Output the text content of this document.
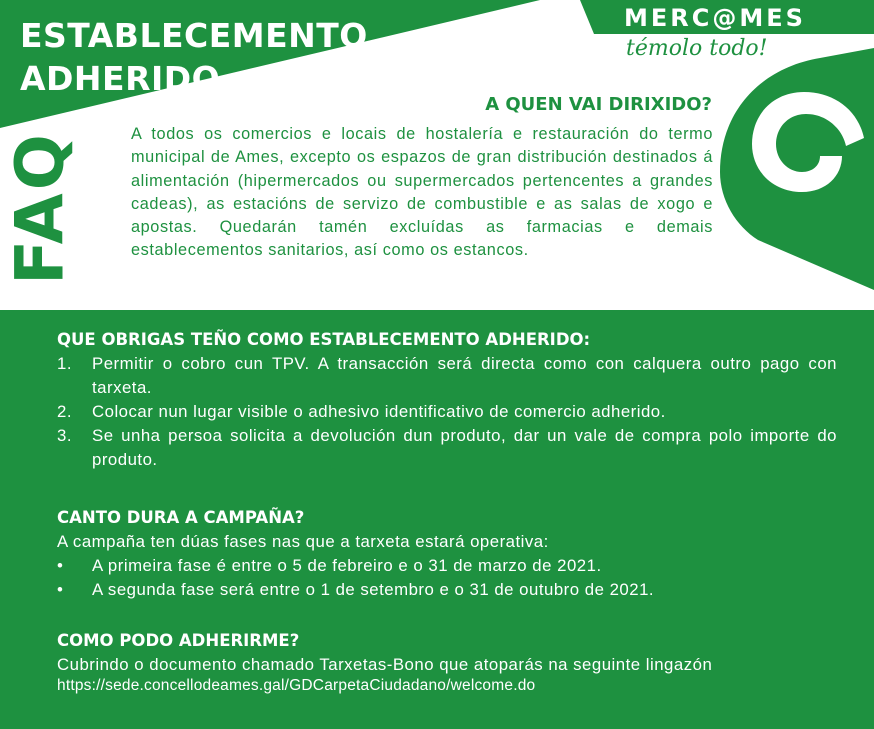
ESTABLECEMENTO
ADHERIDO
MERC@MES
témolo todo!
FAQ
A QUEN VAI DIRIXIDO?

A todos os comercios e locais de hostalería e restauración do termo municipal de Ames, excepto os espazos de gran distribución destinados á alimentación (hipermercados ou supermercados pertencentes a grandes cadeas), as estacións de servizo de combustible e as salas de xogo e apostas. Quedarán tamén excluídas as farmacias e demais establecementos sanitarios, así como os estancos.

QUE OBRIGAS TEÑO COMO ESTABLECEMENTO ADHERIDO:
1. Permitir o cobro cun TPV. A transacción será directa como con calquera outro pago con tarxeta.
2. Colocar nun lugar visible o adhesivo identificativo de comercio adherido.
3. Se unha persoa solicita a devolución dun produto, dar un vale de compra polo importe do produto.
CANTO DURA A CAMPAÑA?
A campaña ten dúas fases nas que a tarxeta estará operativa:
• A primeira fase é entre o 5 de febreiro e o 31 de marzo de 2021.
• A segunda fase será entre o 1 de setembro e o 31 de outubro de 2021.
COMO PODO ADHERIRME?
Cubrindo o documento chamado Tarxetas-Bono que atoparás na seguinte lingazón
https://sede.concellodeames.gal/GDCarpetaCiudadano/welcome.do
